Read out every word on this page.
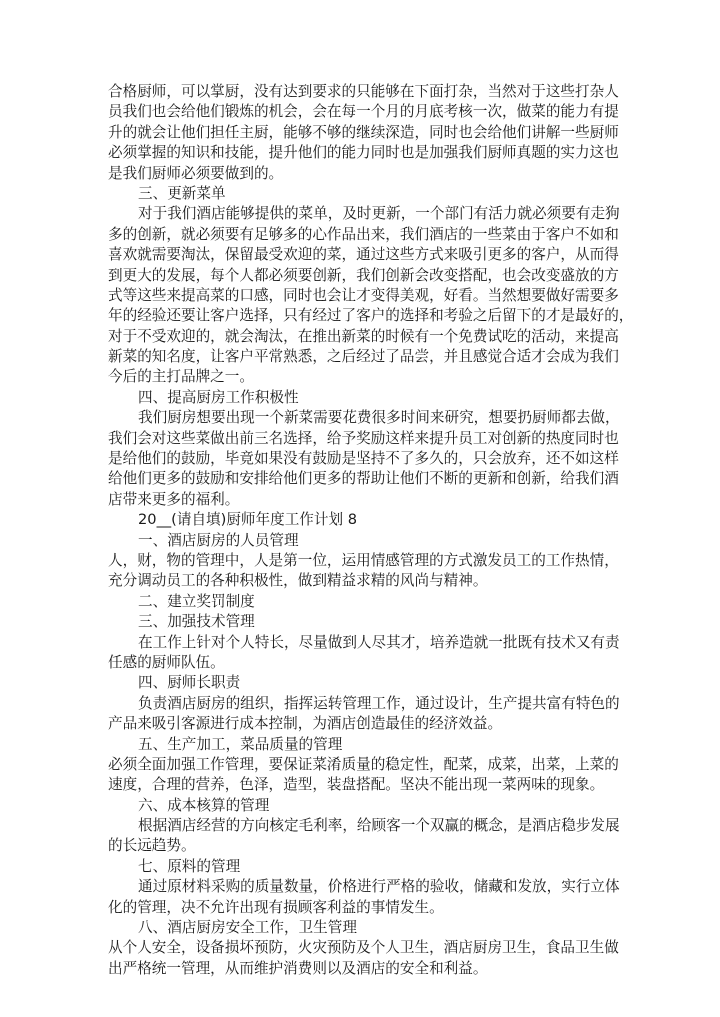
合格厨师，可以掌厨，没有达到要求的只能够在下面打杂，当然对于这些打杂人
员我们也会给他们锻炼的机会，会在每一个月的月底考核一次，做菜的能力有提
升的就会让他们担任主厨，能够不够的继续深造，同时也会给他们讲解一些厨师
必须掌握的知识和技能，提升他们的能力同时也是加强我们厨师真题的实力这也
是我们厨师必须要做到的。
三、更新菜单
对于我们酒店能够提供的菜单，及时更新，一个部门有活力就必须要有走狗
多的创新，就必须要有足够多的心作品出来，我们酒店的一些菜由于客户不如和
喜欢就需要淘汰，保留最受欢迎的菜，通过这些方式来吸引更多的客户，从而得
到更大的发展，每个人都必须要创新，我们创新会改变搭配，也会改变盛放的方
式等这些来提高菜的口感，同时也会让才变得美观，好看。当然想要做好需要多
年的经验还要让客户选择，只有经过了客户的选择和考验之后留下的才是最好的，
对于不受欢迎的，就会淘汰，在推出新菜的时候有一个免费试吃的活动，来提高
新菜的知名度，让客户平常熟悉，之后经过了品尝，并且感觉合适才会成为我们
今后的主打品牌之一。
四、提高厨房工作积极性
我们厨房想要出现一个新菜需要花费很多时间来研究，想要扔厨师都去做，
我们会对这些菜做出前三名选择，给予奖励这样来提升员工对创新的热度同时也
是给他们的鼓励，毕竟如果没有鼓励是坚持不了多久的，只会放弃，还不如这样
给他们更多的鼓励和安排给他们更多的帮助让他们不断的更新和创新，给我们酒
店带来更多的福利。
20__(请自填)厨师年度工作计划 8
一、酒店厨房的人员管理
人，财，物的管理中，人是第一位，运用情感管理的方式激发员工的工作热情，
充分调动员工的各种积极性，做到精益求精的风尚与精神。
二、建立奖罚制度
三、加强技术管理
在工作上针对个人特长，尽量做到人尽其才，培养造就一批既有技术又有责
任感的厨师队伍。
四、厨师长职责
负责酒店厨房的组织，指挥运转管理工作，通过设计，生产提共富有特色的
产品来吸引客源进行成本控制，为酒店创造最佳的经济效益。
五、生产加工，菜品质量的管理
必须全面加强工作管理，要保证菜淆质量的稳定性，配菜，成菜，出菜，上菜的
速度，合理的营养，色泽，造型，装盘搭配。坚决不能出现一菜两味的现象。
六、成本核算的管理
根据酒店经营的方向核定毛利率，给顾客一个双赢的概念，是酒店稳步发展
的长远趋势。
七、原料的管理
通过原材料采购的质量数量，价格进行严格的验收，储藏和发放，实行立体
化的管理，决不允许出现有损顾客利益的事情发生。
八、酒店厨房安全工作，卫生管理
从个人安全，设备损坏预防，火灾预防及个人卫生，酒店厨房卫生，食品卫生做
出严格统一管理，从而维护消费则以及酒店的安全和利益。
